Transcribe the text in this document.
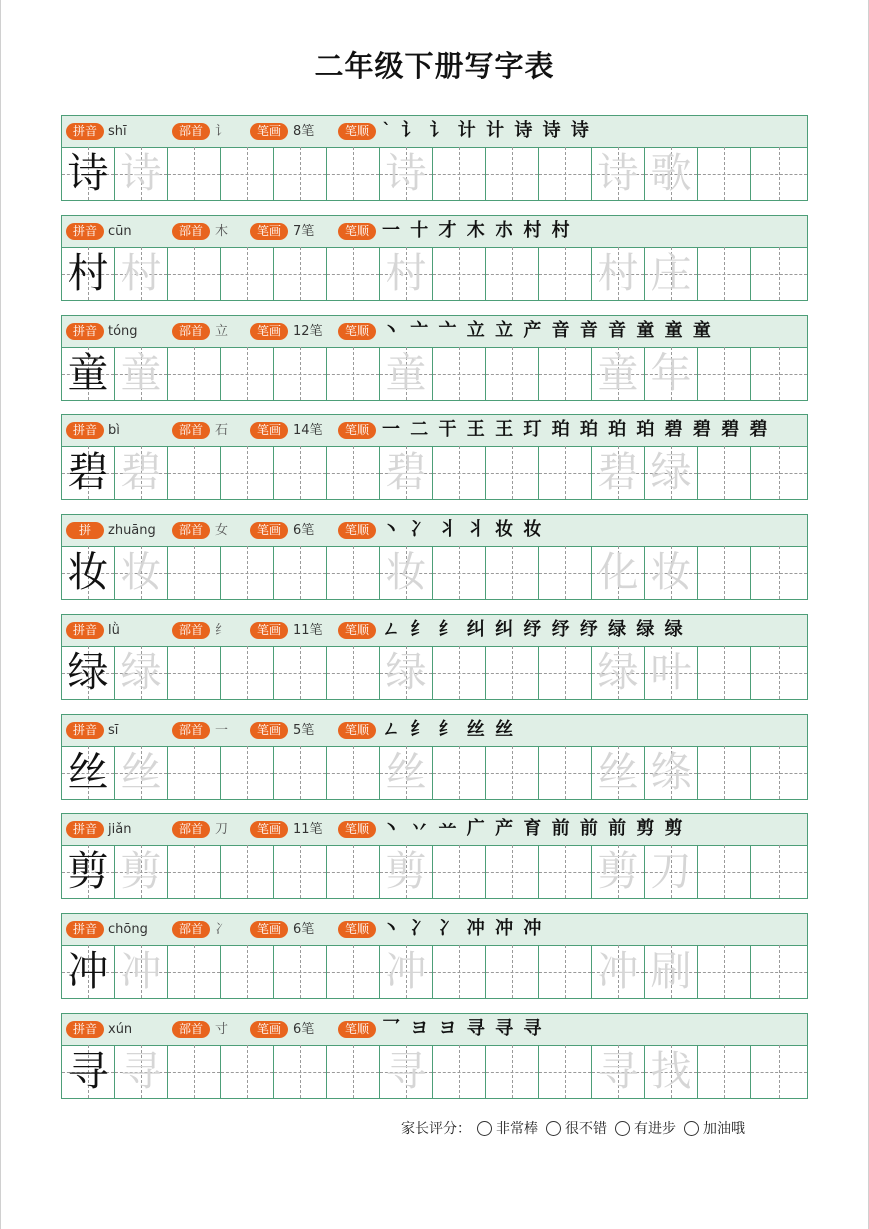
二年级下册写字表
拼音 shī	部首 讠	笔画 8笔	笔顺 ` 讠 讠 计 计 诗 诗 诗
诗 诗	诗	诗 歌
拼音 cūn	部首 木	笔画 7笔	笔顺 一 十 才 木 朩 村 村
村 村	村	村 庄
拼音 tóng	部首 立	笔画 12笔	笔顺 丶 亠 亠 立 立 产 音 音 音 童 童 童
童 童	童	童 年
拼音 bì	部首 石	笔画 14笔	笔顺 一 二 干 王 王 玎 珀 珀 珀 珀 碧 碧 碧 碧
碧 碧	碧	碧 绿
拼	zhuāng	部首 女	笔画 6笔	笔顺 丶 冫 丬 丬 妆 妆
妆 妆	妆	化 妆
拼音 lǜ	部首 纟	笔画 11笔	笔顺 ㄥ 纟 纟 纠 纠 纾 纾 纾 绿 绿 绿
绿 绿	绿	绿 叶
拼音 sī	部首 一	笔画 5笔	笔顺 ㄥ 纟 纟 丝 丝
丝 丝	丝	丝 绦
拼音 jiǎn	部首 刀	笔画 11笔	笔顺 丶 丷 䒑 广 产 育 前 前 前 剪 剪
剪 剪	剪	剪 刀
拼音 chōng	部首 冫	笔画 6笔	笔顺 丶 冫 冫 冲 冲 冲
冲 冲	冲	冲 刷
拼音 xún	部首 寸	笔画 6笔	笔顺 乛 ヨ ヨ 寻 寻 寻
寻 寻	寻	寻 找
家长评分： 非常棒 很不错 有进步 加油哦
